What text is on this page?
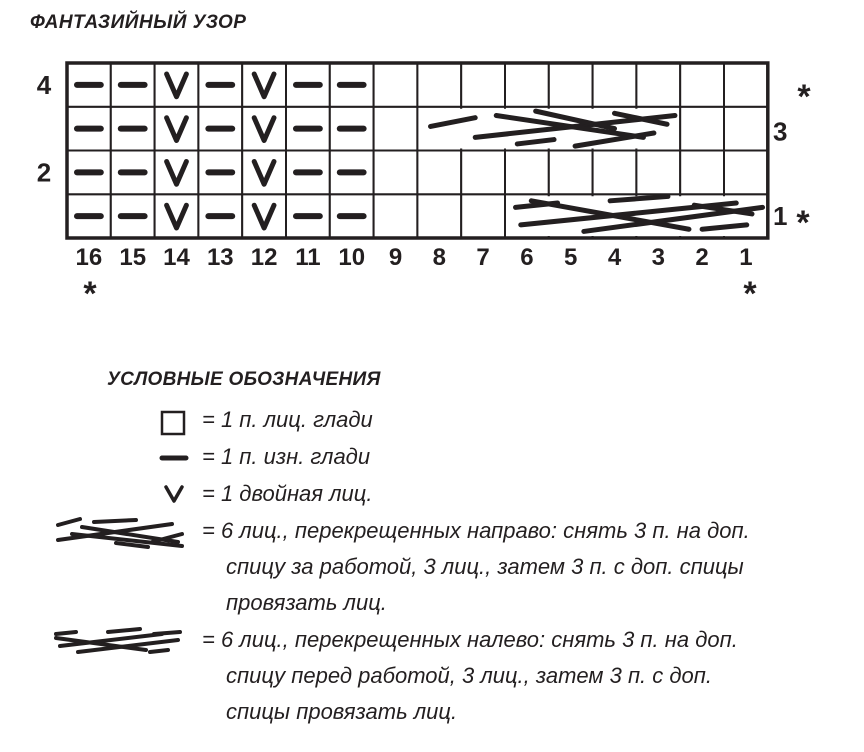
ФАНТАЗИЙНЫЙ УЗОР
16 15 14 13 12 11 10 9 8 7 6 5 4 3 2 1
4
2
3
1
*
*
*	*
УСЛОВНЫЕ ОБОЗНАЧЕНИЯ
= 1 п. лиц. глади
= 1 п. изн. глади
= 1 двойная лиц.
= 6 лиц., перекрещенных направо: снять 3 п. на доп.
спицу за работой, 3 лиц., затем 3 п. с доп. спицы
провязать лиц.
= 6 лиц., перекрещенных налево: снять 3 п. на доп.
спицу перед работой, 3 лиц., затем 3 п. с доп.
спицы провязать лиц.
